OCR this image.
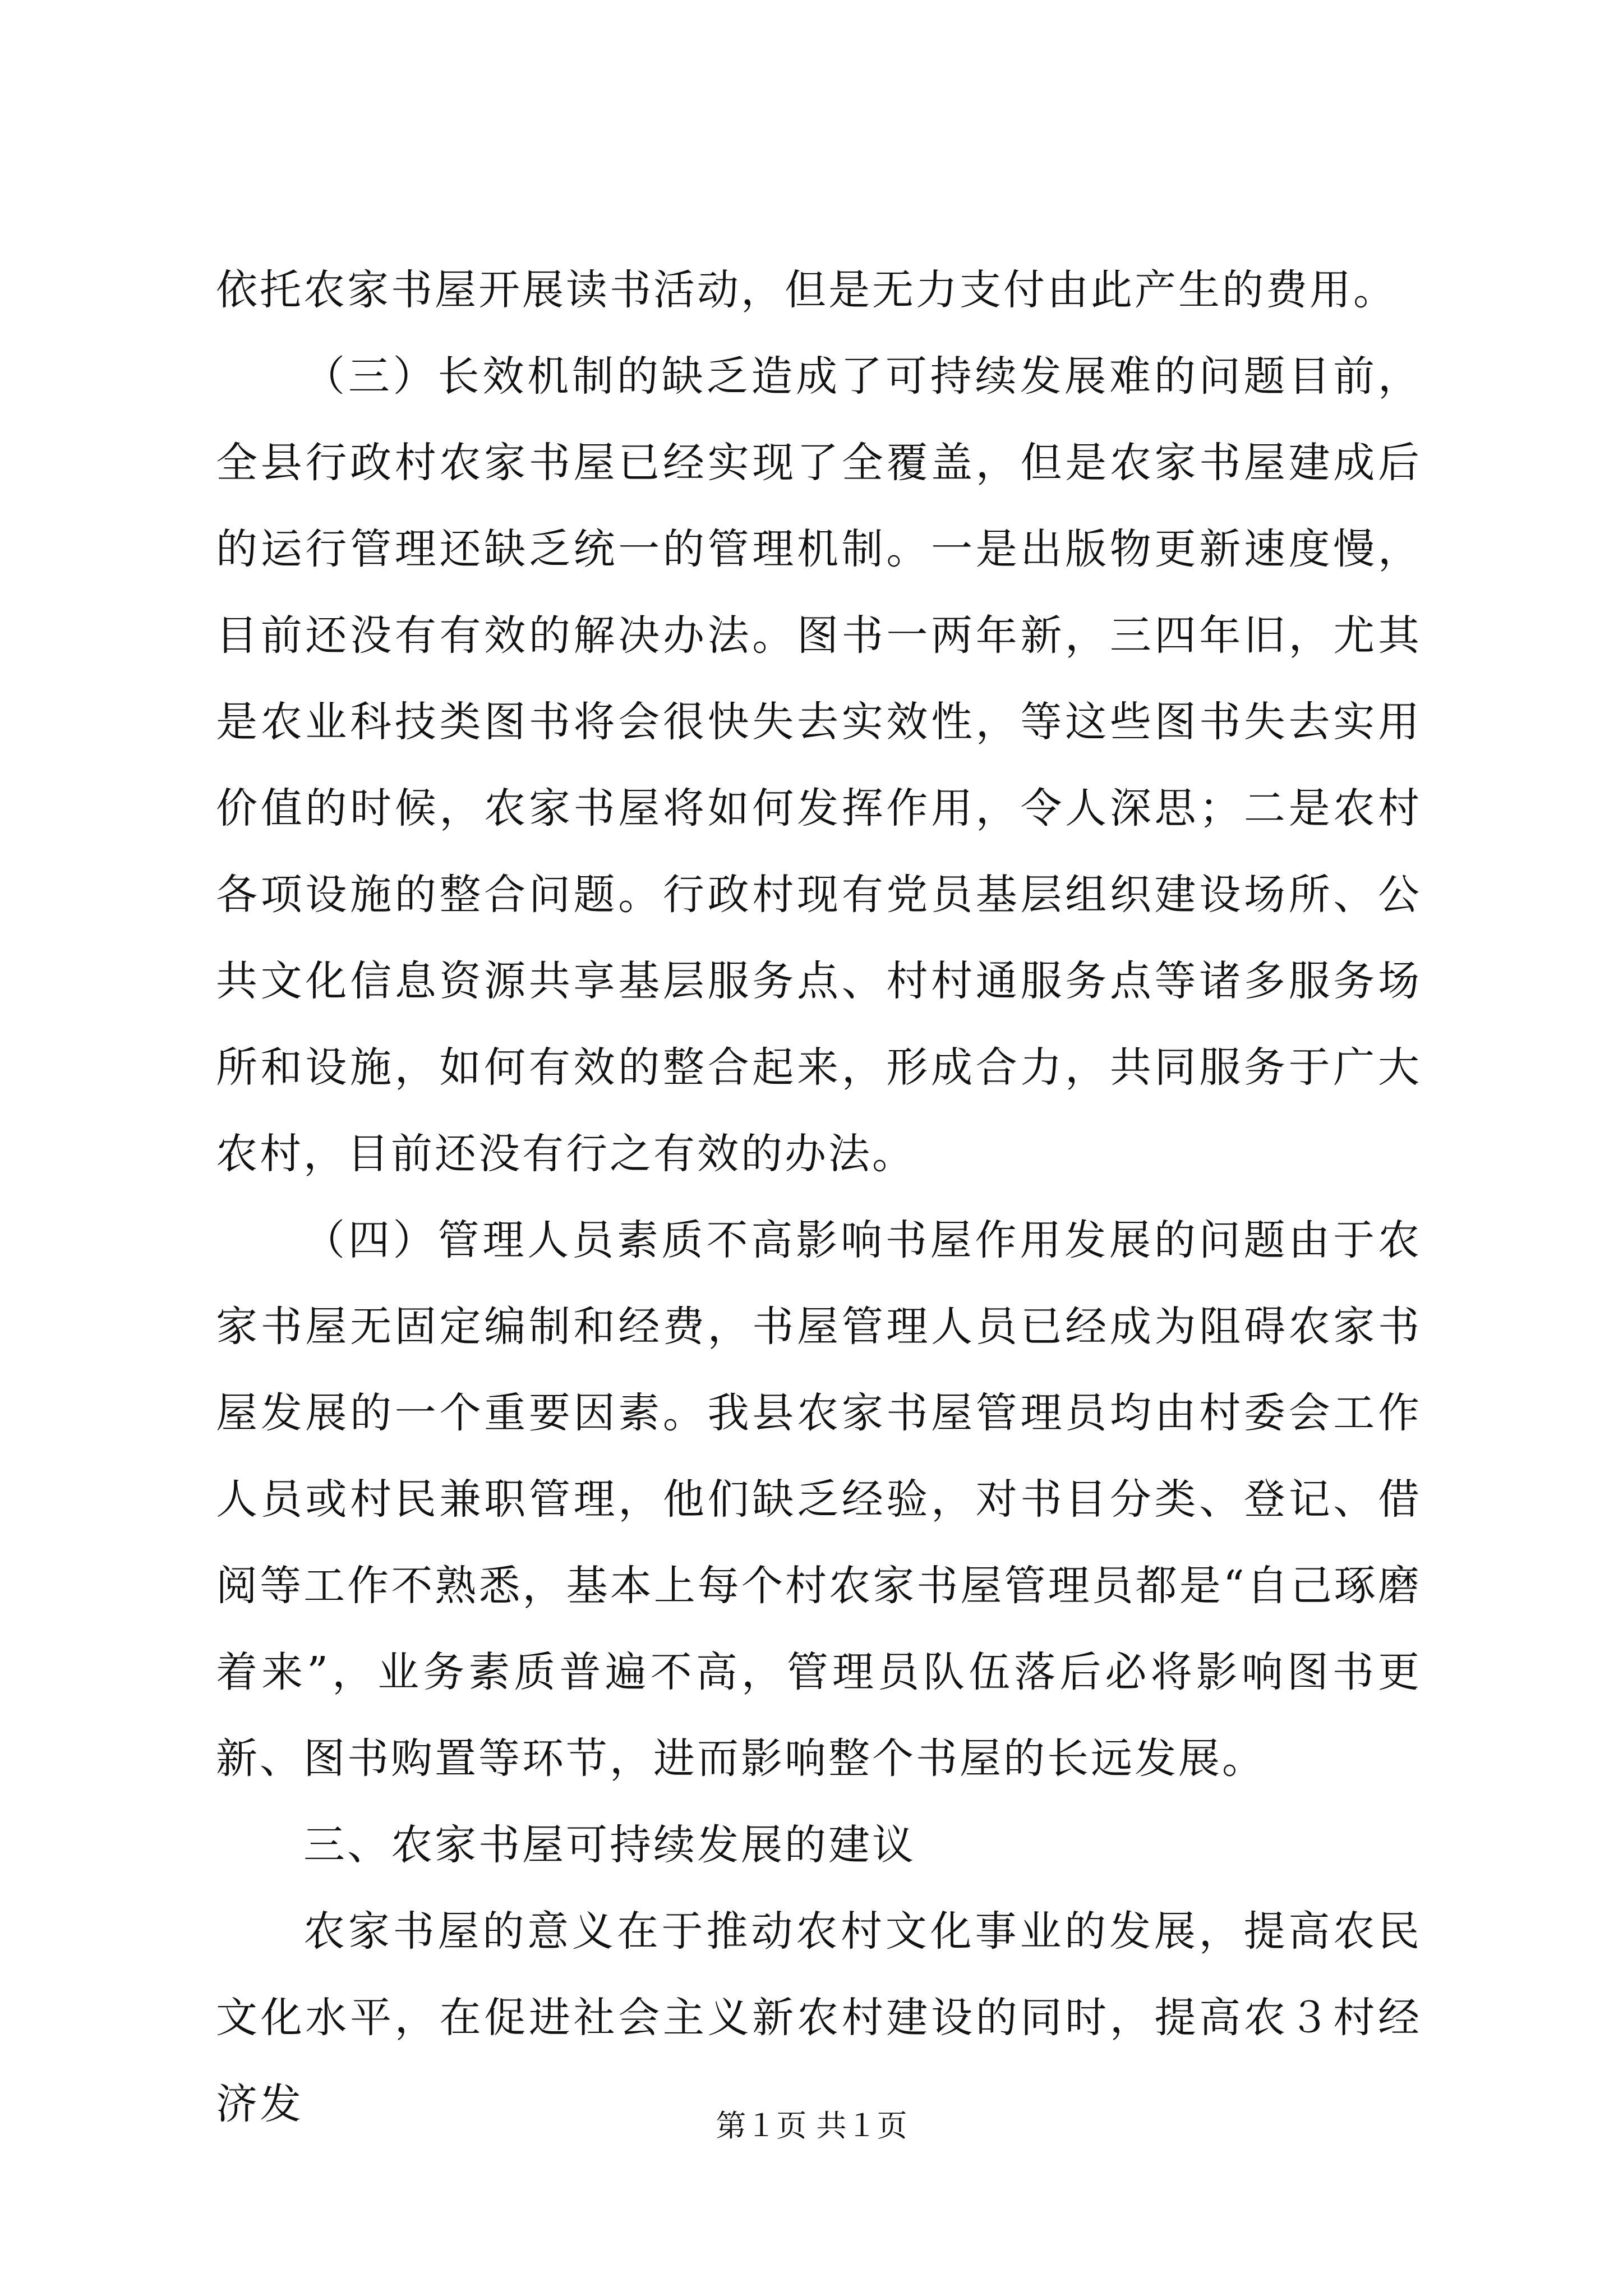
依托农家书屋开展读书活动，但是无力支付由此产生的费用。

（三）长效机制的缺乏造成了可持续发展难的问题目前，全县行政村农家书屋已经实现了全覆盖，但是农家书屋建成后的运行管理还缺乏统一的管理机制。一是出版物更新速度慢，目前还没有有效的解决办法。图书一两年新，三四年旧，尤其是农业科技类图书将会很快失去实效性，等这些图书失去实用价值的时候，农家书屋将如何发挥作用，令人深思；二是农村各项设施的整合问题。行政村现有党员基层组织建设场所、公共文化信息资源共享基层服务点、村村通服务点等诸多服务场所和设施，如何有效的整合起来，形成合力，共同服务于广大农村，目前还没有行之有效的办法。

（四）管理人员素质不高影响书屋作用发展的问题由于农家书屋无固定编制和经费，书屋管理人员已经成为阻碍农家书屋发展的一个重要因素。我县农家书屋管理员均由村委会工作人员或村民兼职管理，他们缺乏经验，对书目分类、登记、借阅等工作不熟悉，基本上每个村农家书屋管理员都是“自己琢磨着来”，业务素质普遍不高，管理员队伍落后必将影响图书更新、图书购置等环节，进而影响整个书屋的长远发展。

三、农家书屋可持续发展的建议

农家书屋的意义在于推动农村文化事业的发展，提高农民文化水平，在促进社会主义新农村建设的同时，提高农３村经济发	第１页 共１页
